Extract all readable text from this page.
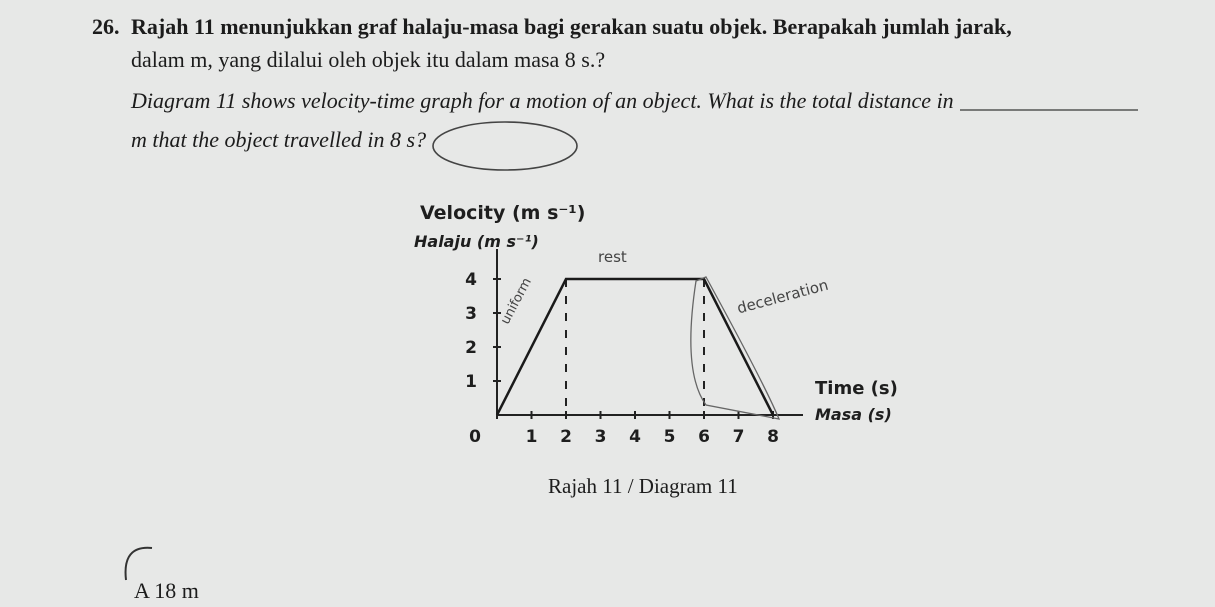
26. Rajah 11 menunjukkan graf halaju-masa bagi gerakan suatu objek. Berapakah jumlah jarak,
dalam m, yang dilalui oleh objek itu dalam masa 8 s.?
Diagram 11 shows velocity-time graph for a motion of an object. What is the total distance in
m that the object travelled in 8 s?
Velocity (m s⁻¹)
Halaju (m s⁻¹)
Time (s)
Masa (s)
rest
uniform	deceleration
0	1 2 3 4 5 6 7 8
1
2
3
4
Rajah 11 / Diagram 11
A 18 m
